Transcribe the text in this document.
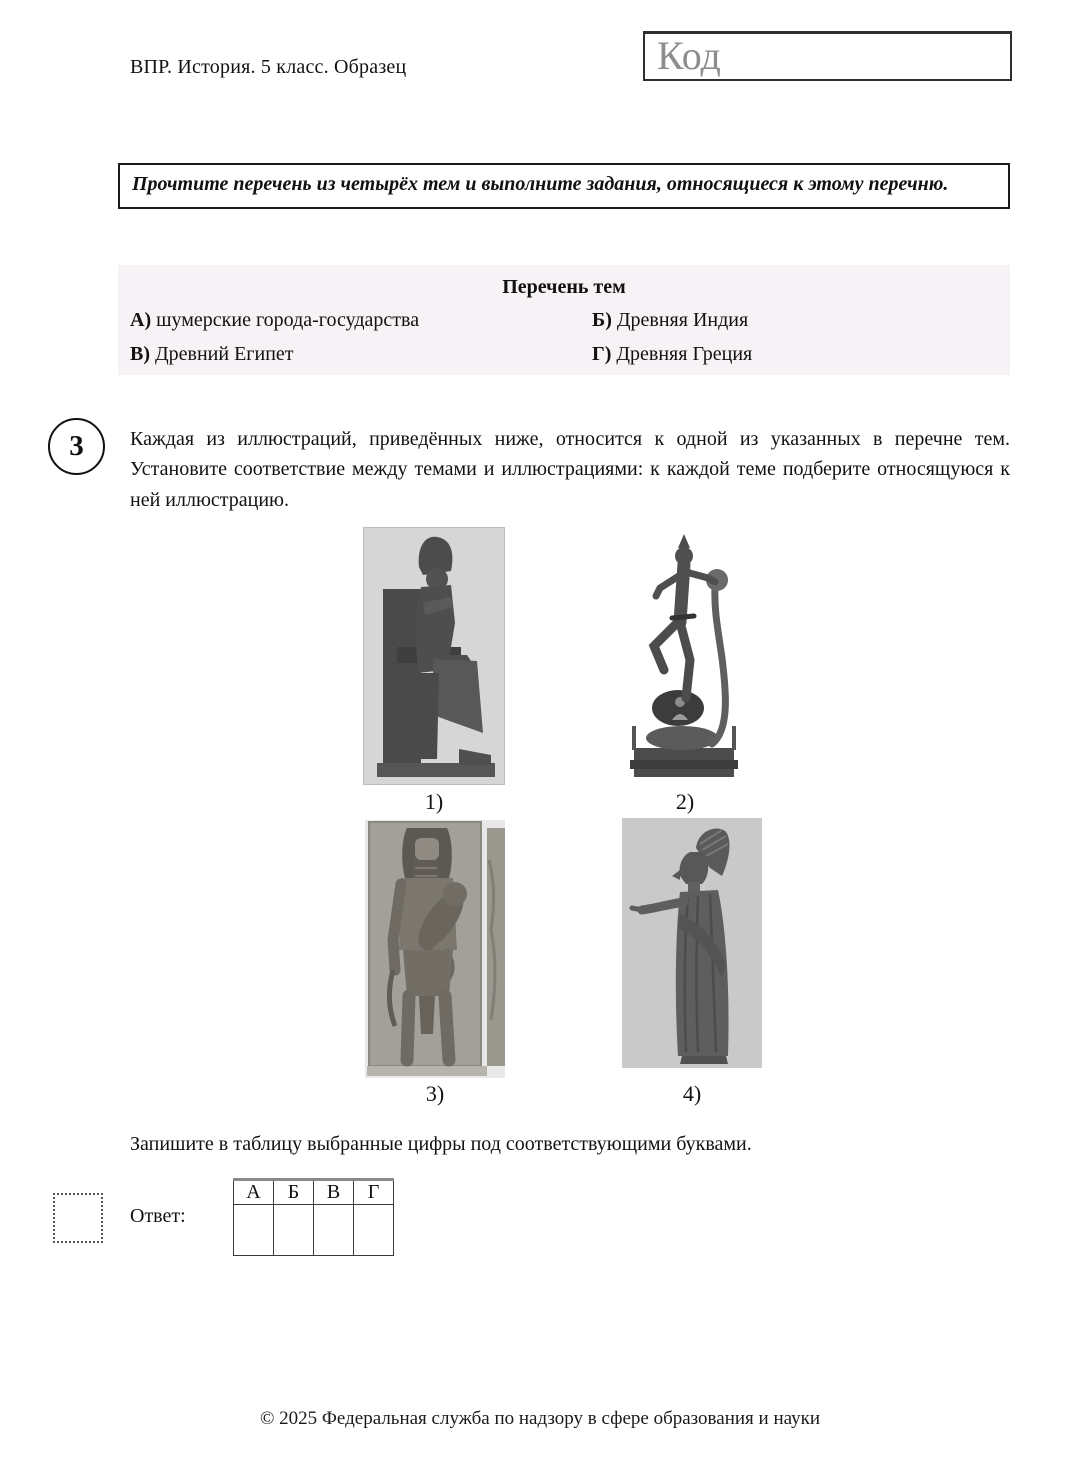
ВПР. История. 5 класс. Образец	Код
Прочтите перечень из четырёх тем и выполните задания, относящиеся к этому перечню.
Перечень тем
А) шумерские города-государства	Б) Древняя Индия
В) Древний Египет	Г) Древняя Греция
3 Каждая из иллюстраций, приведённых ниже, относится к одной из указанных в перечне тем. Установите соответствие между темами и иллюстрациями: к каждой теме подберите относящуюся к ней иллюстрацию.
1)	2)
3)	4)
Запишите в таблицу выбранные цифры под соответствующими буквами.
Ответ:
А	Б	В	Г

© 2025 Федеральная служба по надзору в сфере образования и науки
